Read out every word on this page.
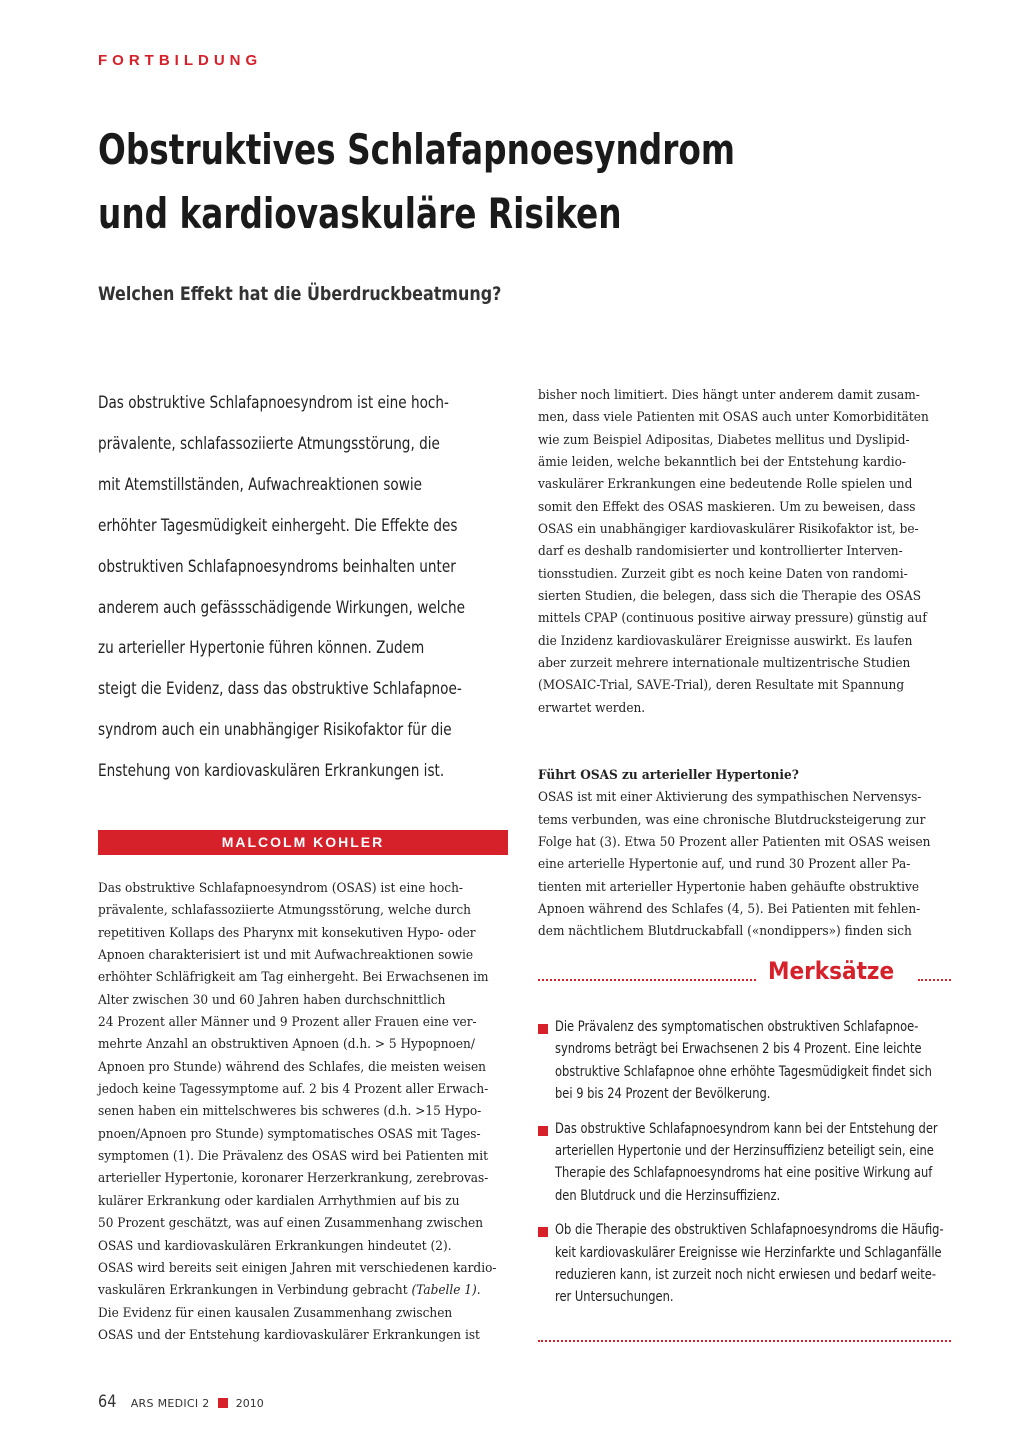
FORTBILDUNG
Obstruktives Schlafapnoesyndrom
und kardiovaskuläre Risiken
Welchen Effekt hat die Überdruckbeatmung?
Das obstruktive Schlafapnoesyndrom ist eine hoch-
prävalente, schlafassoziierte Atmungsstörung, die
mit Atemstillständen, Aufwachreaktionen sowie
erhöhter Tagesmüdigkeit einhergeht. Die Effekte des
obstruktiven Schlafapnoesyndroms beinhalten unter
anderem auch gefässschädigende Wirkungen, welche
zu arterieller Hypertonie führen können. Zudem
steigt die Evidenz, dass das obstruktive Schlafapnoe-
syndrom auch ein unabhängiger Risikofaktor für die
Enstehung von kardiovaskulären Erkrankungen ist.
MALCOLM KOHLER
Das obstruktive Schlafapnoesyndrom (OSAS) ist eine hoch-
prävalente, schlafassoziierte Atmungsstörung, welche durch
repetitiven Kollaps des Pharynx mit konsekutiven Hypo- oder
Apnoen charakterisiert ist und mit Aufwachreaktionen sowie
erhöhter Schläfrigkeit am Tag einhergeht. Bei Erwachsenen im
Alter zwischen 30 und 60 Jahren haben durchschnittlich
24 Prozent aller Männer und 9 Prozent aller Frauen eine ver-
mehrte Anzahl an obstruktiven Apnoen (d.h. > 5 Hypopnoen/
Apnoen pro Stunde) während des Schlafes, die meisten weisen
jedoch keine Tagessymptome auf. 2 bis 4 Prozent aller Erwach-
senen haben ein mittelschweres bis schweres (d.h. >15 Hypo-
pnoen/Apnoen pro Stunde) symptomatisches OSAS mit Tages-
symptomen (1). Die Prävalenz des OSAS wird bei Patienten mit
arterieller Hypertonie, koronarer Herzerkrankung, zerebrovas-
kulärer Erkrankung oder kardialen Arrhythmien auf bis zu
50 Prozent geschätzt, was auf einen Zusammenhang zwischen
OSAS und kardiovaskulären Erkrankungen hindeutet (2).
OSAS wird bereits seit einigen Jahren mit verschiedenen kardio-
vaskulären Erkrankungen in Verbindung gebracht (Tabelle 1).
Die Evidenz für einen kausalen Zusammenhang zwischen
OSAS und der Entstehung kardiovaskulärer Erkrankungen ist
bisher noch limitiert. Dies hängt unter anderem damit zusam-
men, dass viele Patienten mit OSAS auch unter Komorbiditäten
wie zum Beispiel Adipositas, Diabetes mellitus und Dyslipid-
ämie leiden, welche bekanntlich bei der Entstehung kardio-
vaskulärer Erkrankungen eine bedeutende Rolle spielen und
somit den Effekt des OSAS maskieren. Um zu beweisen, dass
OSAS ein unabhängiger kardiovaskulärer Risikofaktor ist, be-
darf es deshalb randomisierter und kontrollierter Interven-
tionsstudien. Zurzeit gibt es noch keine Daten von randomi-
sierten Studien, die belegen, dass sich die Therapie des OSAS
mittels CPAP (continuous positive airway pressure) günstig auf
die Inzidenz kardiovaskulärer Ereignisse auswirkt. Es laufen
aber zurzeit mehrere internationale multizentrische Studien
(MOSAIC-Trial, SAVE-Trial), deren Resultate mit Spannung
erwartet werden.
Führt OSAS zu arterieller Hypertonie?
OSAS ist mit einer Aktivierung des sympathischen Nervensys-
tems verbunden, was eine chronische Blutdrucksteigerung zur
Folge hat (3). Etwa 50 Prozent aller Patienten mit OSAS weisen
eine arterielle Hypertonie auf, und rund 30 Prozent aller Pa-
tienten mit arterieller Hypertonie haben gehäufte obstruktive
Apnoen während des Schlafes (4, 5). Bei Patienten mit fehlen-
dem nächtlichem Blutdruckabfall («nondippers») finden sich
Merksätze
Die Prävalenz des symptomatischen obstruktiven Schlafapnoe-
syndroms beträgt bei Erwachsenen 2 bis 4 Prozent. Eine leichte
obstruktive Schlafapnoe ohne erhöhte Tagesmüdigkeit findet sich
bei 9 bis 24 Prozent der Bevölkerung.
Das obstruktive Schlafapnoesyndrom kann bei der Entstehung der
arteriellen Hypertonie und der Herzinsuffizienz beteiligt sein, eine
Therapie des Schlafapnoesyndroms hat eine positive Wirkung auf
den Blutdruck und die Herzinsuffizienz.
Ob die Therapie des obstruktiven Schlafapnoesyndroms die Häufig-
keit kardiovaskulärer Ereignisse wie Herzinfarkte und Schlaganfälle
reduzieren kann, ist zurzeit noch nicht erwiesen und bedarf weite-
rer Untersuchungen.
64 ARS MEDICI 2 2010
